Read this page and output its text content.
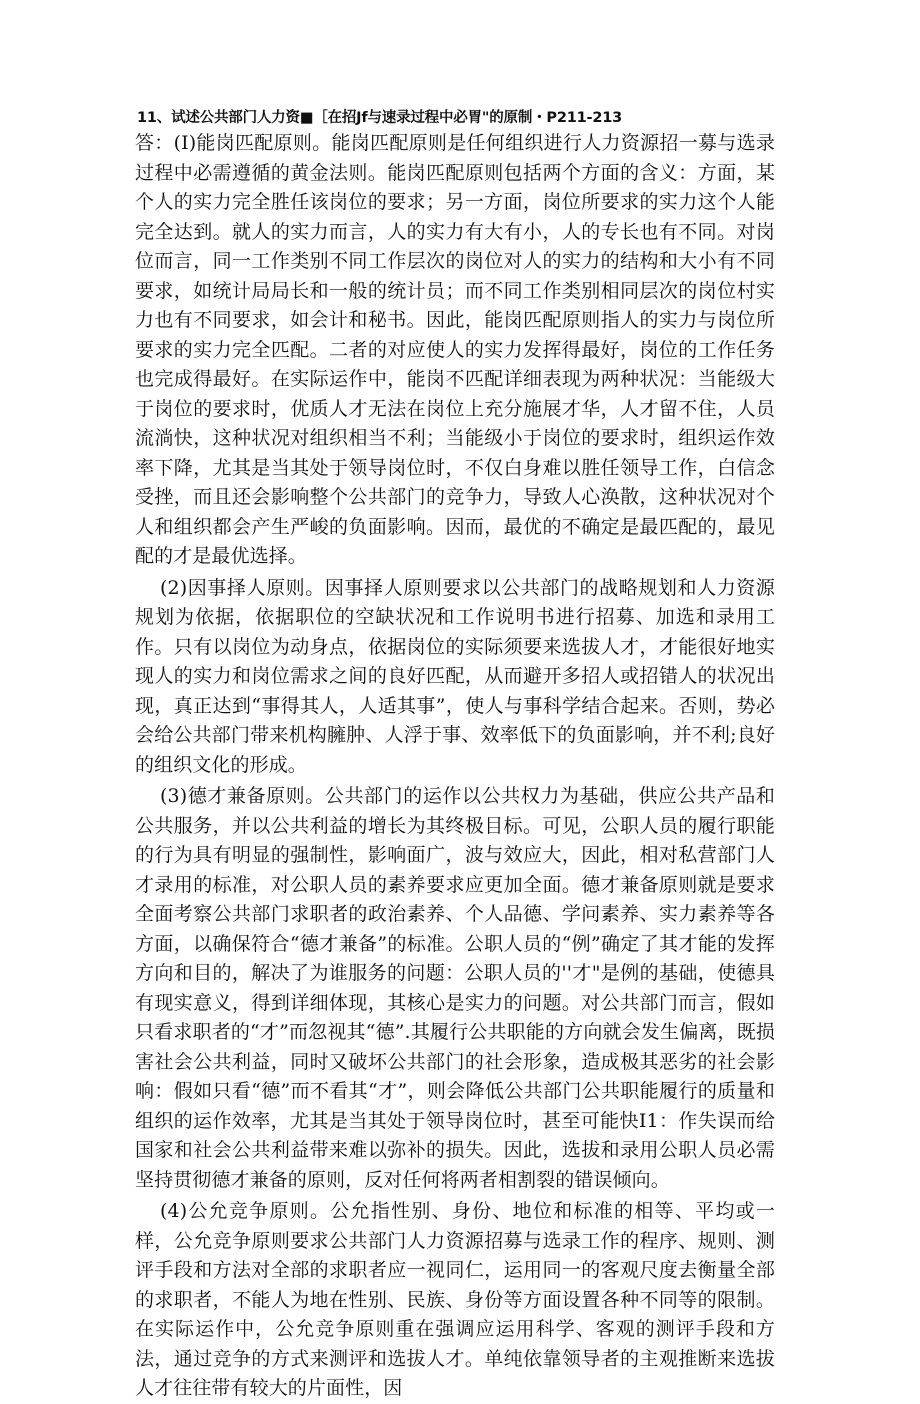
11、试述公共部门人力资■［在招Jf与速录过程中必胃"的原制・P211-213

答：(I)能岗匹配原则。能岗匹配原则是任何组织进行人力资源招一募与选录过程中必需遵循的黄金法则。能岗匹配原则包括两个方面的含义：方面，某个人的实力完全胜任该岗位的要求；另一方面，岗位所要求的实力这个人能完全达到。就人的实力而言，人的实力有大有小，人的专长也有不同。对岗位而言，同一工作类别不同工作层次的岗位对人的实力的结构和大小有不同要求，如统计局局长和一般的统计员；而不同工作类别相同层次的岗位村实力也有不同要求，如会计和秘书。因此，能岗匹配原则指人的实力与岗位所要求的实力完全匹配。二者的对应使人的实力发挥得最好，岗位的工作任务也完成得最好。在实际运作中，能岗不匹配详细表现为两种状况：当能级大于岗位的要求时，优质人才无法在岗位上充分施展才华，人才留不住，人员流淌快，这种状况对组织相当不利；当能级小于岗位的要求时，组织运作效率下降，尤其是当其处于领导岗位时，不仅白身难以胜任领导工作，白信念受挫，而且还会影响整个公共部门的竞争力，导致人心涣散，这种状况对个人和组织都会产生严峻的负面影响。因而，最优的不确定是最匹配的，最见配的才是最优选择。

(2)因事择人原则。因事择人原则要求以公共部门的战略规划和人力资源规划为依据，依据职位的空缺状况和工作说明书进行招募、加选和录用工作。只有以岗位为动身点，依据岗位的实际须要来选拔人才，才能很好地实现人的实力和岗位需求之间的良好匹配，从而避开多招人或招错人的状况出现，真正达到“事得其人，人适其事”，使人与事科学结合起来。否则，势必会给公共部门带来机构臃肿、人浮于事、效率低下的负面影响，并不利;良好的组织文化的形成。

(3)德才兼备原则。公共部门的运作以公共权力为基础，供应公共产品和公共服务，并以公共利益的增长为其终极目标。可见，公职人员的履行职能的行为具有明显的强制性，影响面广，波与效应大，因此，相对私营部门人才录用的标准，对公职人员的素养要求应更加全面。德才兼备原则就是要求全面考察公共部门求职者的政治素养、个人品德、学问素养、实力素养等各方面，以确保符合“德才兼备”的标准。公职人员的“例”确定了其才能的发挥方向和目的，解决了为谁服务的问题：公职人员的''才"是例的基础，使德具有现实意义，得到详细体现，其核心是实力的问题。对公共部门而言，假如只看求职者的“才”而忽视其“德”.其履行公共职能的方向就会发生偏离，既损害社会公共利益，同时又破坏公共部门的社会形象，造成极其恶劣的社会影响：假如只看“德”而不看其“才”，则会降低公共部门公共职能履行的质量和组织的运作效率，尤其是当其处于领导岗位时，甚至可能快I1：作失误而给国家和社会公共利益带来难以弥补的损失。因此，选拔和录用公职人员必需坚持贯彻德才兼备的原则，反对任何将两者相割裂的错误倾向。

(4)公允竞争原则。公允指性别、身份、地位和标准的相等、平均或一样，公允竞争原则要求公共部门人力资源招募与选录工作的程序、规则、测评手段和方法对全部的求职者应一视同仁，运用同一的客观尺度去衡量全部的求职者，不能人为地在性别、民族、身份等方面设置各种不同等的限制。在实际运作中，公允竞争原则重在强调应运用科学、客观的测评手段和方法，通过竞争的方式来测评和选拔人才。单纯依靠领导者的主观推断来选拔人才往往带有较大的片面性，因
